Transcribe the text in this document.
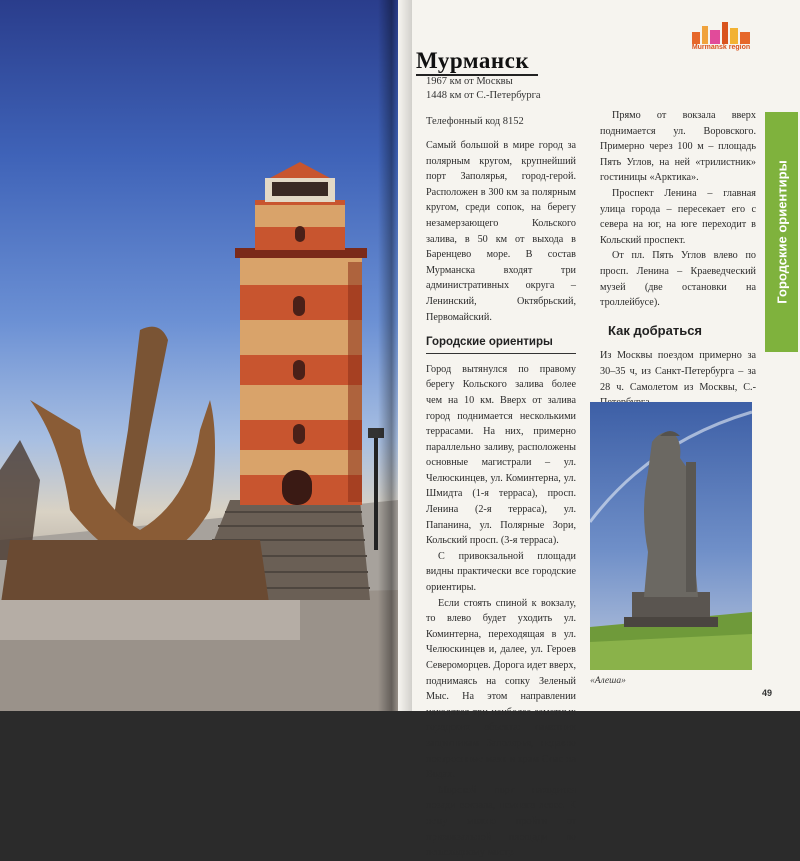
Murmansk region
Мурманск
1967 км от Москвы
1448 км от С.-Петербурга
Телефонный код 8152

Самый большой в мире город за полярным кругом, крупнейший порт Заполярья, город-герой. Расположен в 300 км за полярным кругом, среди сопок, на берегу незамерзающего Кольского залива, в 50 км от выхода в Баренцево море. В состав Мурманска входят три административных округа – Ленинский, Октябрьский, Первомайский.

Городские ориентиры

Город вытянулся по правому берегу Кольского залива более чем на 10 км. Вверх от залива город поднимается несколькими террасами. На них, примерно параллельно заливу, расположены основные магистрали – ул. Челюскинцев, ул. Коминтерна, ул. Шмидта (1-я терраса), просп. Ленина (2-я терраса), ул. Папанина, ул. Полярные Зори, Кольский просп. (3-я терраса).

С привокзальной площади видны практически все городские ориентиры.

Если стоять спиной к вокзалу, то влево будет уходить ул. Коминтерна, переходящая в ул. Челюскинцев и, далее, ул. Героев Североморцев. Дорога идет вверх, поднимаясь на сопку Зеленый Мыс. На этом направлении находятся три наиболее заметных городских объекта: памятник защитникам Заполярья, недавно построенные маяк и храм Спас на Водах.

Морской порт находится позади вокзала, немного левее. К нему можно пройти от привокзальной площади по пешеходному мосту.

Прямо от вокзала вверх поднимается ул. Воровского. Примерно через 100 м – площадь Пять Углов, на ней «трилистник» гостиницы «Арктика».

Проспект Ленина – главная улица города – пересекает его с севера на юг, на юге переходит в Кольский проспект.

От пл. Пять Углов влево по просп. Ленина – Краеведческий музей (две остановки на троллейбусе).

Как добраться

Из Москвы поездом примерно за 30–35 ч, из Санкт-Петербурга – за 28 ч. Самолетом из Москвы, С.-

«Алеша»
Городские ориентиры
49
